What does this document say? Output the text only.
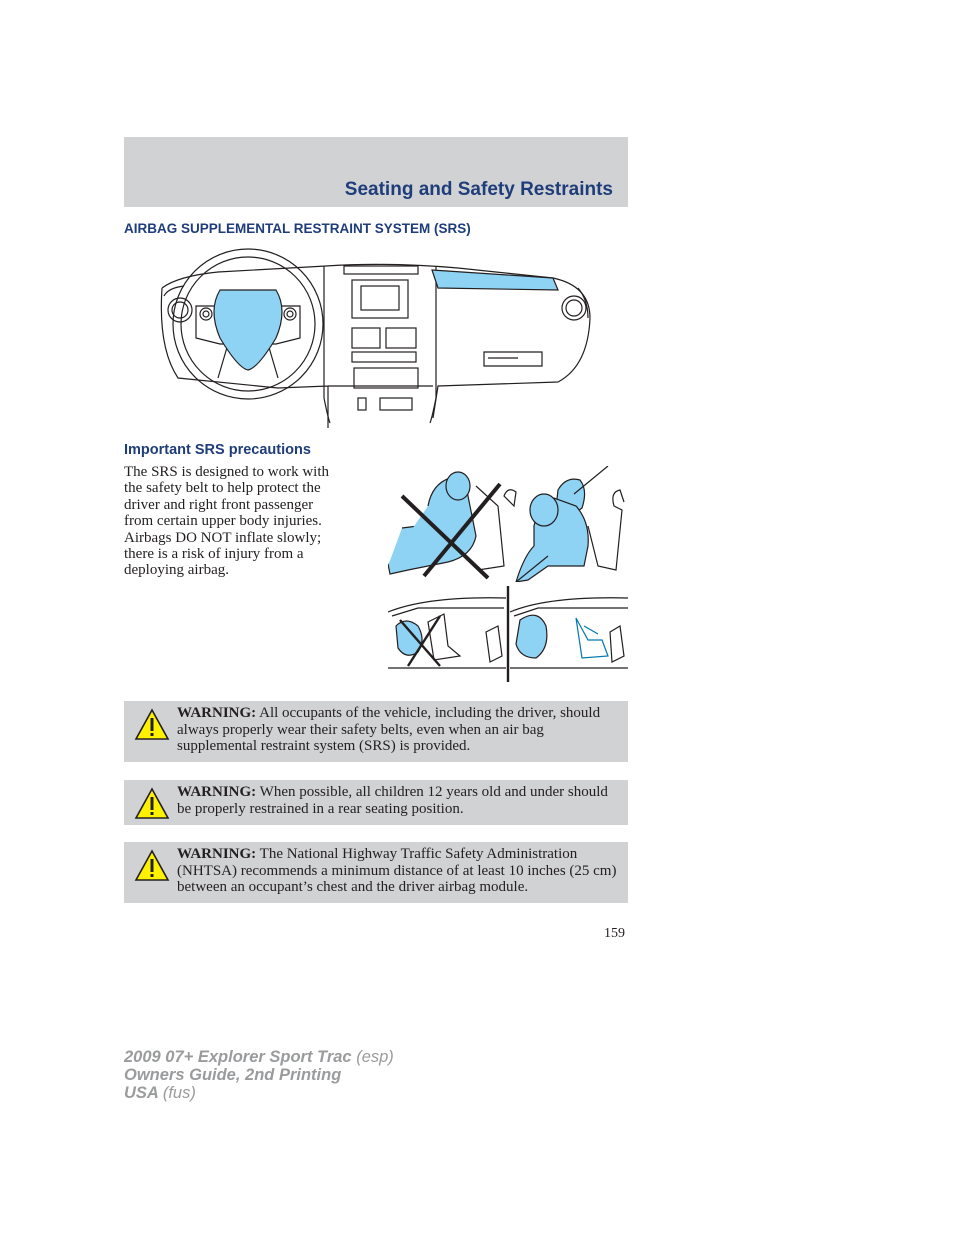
Seating and Safety Restraints
AIRBAG SUPPLEMENTAL RESTRAINT SYSTEM (SRS)
Important SRS precautions
The SRS is designed to work with
the safety belt to help protect the
driver and right front passenger
from certain upper body injuries.
Airbags DO NOT inflate slowly;
there is a risk of injury from a
deploying airbag.
WARNING: All occupants of the vehicle, including the driver, should always properly wear their safety belts, even when an air bag supplemental restraint system (SRS) is provided.
WARNING: When possible, all children 12 years old and under should be properly restrained in a rear seating position.
WARNING: The National Highway Traffic Safety Administration (NHTSA) recommends a minimum distance of at least 10 inches (25 cm) between an occupant’s chest and the driver airbag module.
159
2009 07+ Explorer Sport Trac (esp)
Owners Guide, 2nd Printing
USA (fus)
